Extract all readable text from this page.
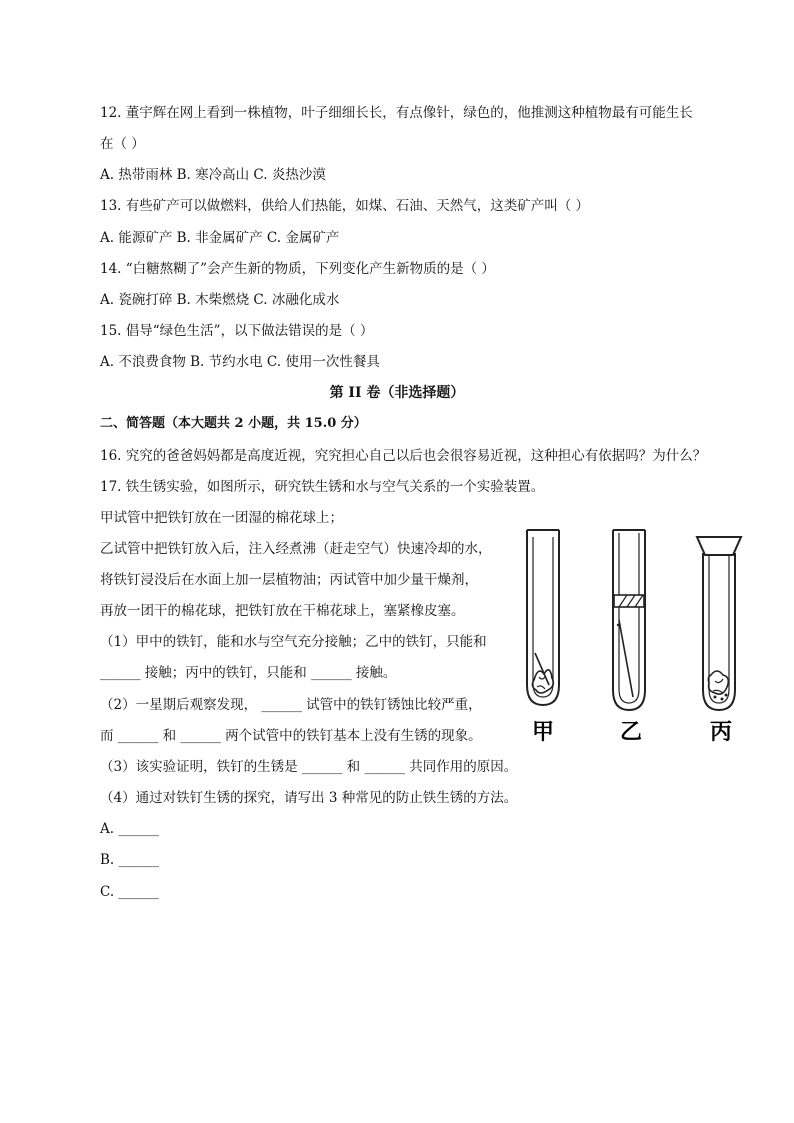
12. 董宇辉在网上看到一株植物，叶子细细长长，有点像针，绿色的，他推测这种植物最有可能生长
在（ ）
A. 热带雨林 B. 寒冷高山 C. 炎热沙漠
13. 有些矿产可以做燃料，供给人们热能，如煤、石油、天然气，这类矿产叫（ ）
A. 能源矿产 B. 非金属矿产 C. 金属矿产
14. “白糖熬糊了”会产生新的物质，下列变化产生新物质的是（ ）
A. 瓷碗打碎 B. 木柴燃烧 C. 冰融化成水
15. 倡导“绿色生活”，以下做法错误的是（ ）
A. 不浪费食物 B. 节约水电 C. 使用一次性餐具
第 II 卷（非选择题）
二、简答题（本大题共 2 小题，共 15.0 分）
16. 究究的爸爸妈妈都是高度近视，究究担心自己以后也会很容易近视，这种担心有依据吗？为什么？
17. 铁生锈实验，如图所示，研究铁生锈和水与空气关系的一个实验装置。
甲试管中把铁钉放在一团湿的棉花球上；
乙试管中把铁钉放入后，注入经煮沸（赶走空气）快速冷却的水，
将铁钉浸没后在水面上加一层植物油；丙试管中加少量干燥剂，
再放一团干的棉花球，把铁钉放在干棉花球上，塞紧橡皮塞。
（1）甲中的铁钉，能和水与空气充分接触；乙中的铁钉，只能和
______ 接触；丙中的铁钉，只能和 ______ 接触。
（2）一星期后观察发现， ______ 试管中的铁钉锈蚀比较严重，
而 ______ 和 ______ 两个试管中的铁钉基本上没有生锈的现象。
（3）该实验证明，铁钉的生锈是 ______ 和 ______ 共同作用的原因。
（4）通过对铁钉生锈的探究，请写出 3 种常见的防止铁生锈的方法。
A. ______
B. ______
C. ______
甲	乙	丙
